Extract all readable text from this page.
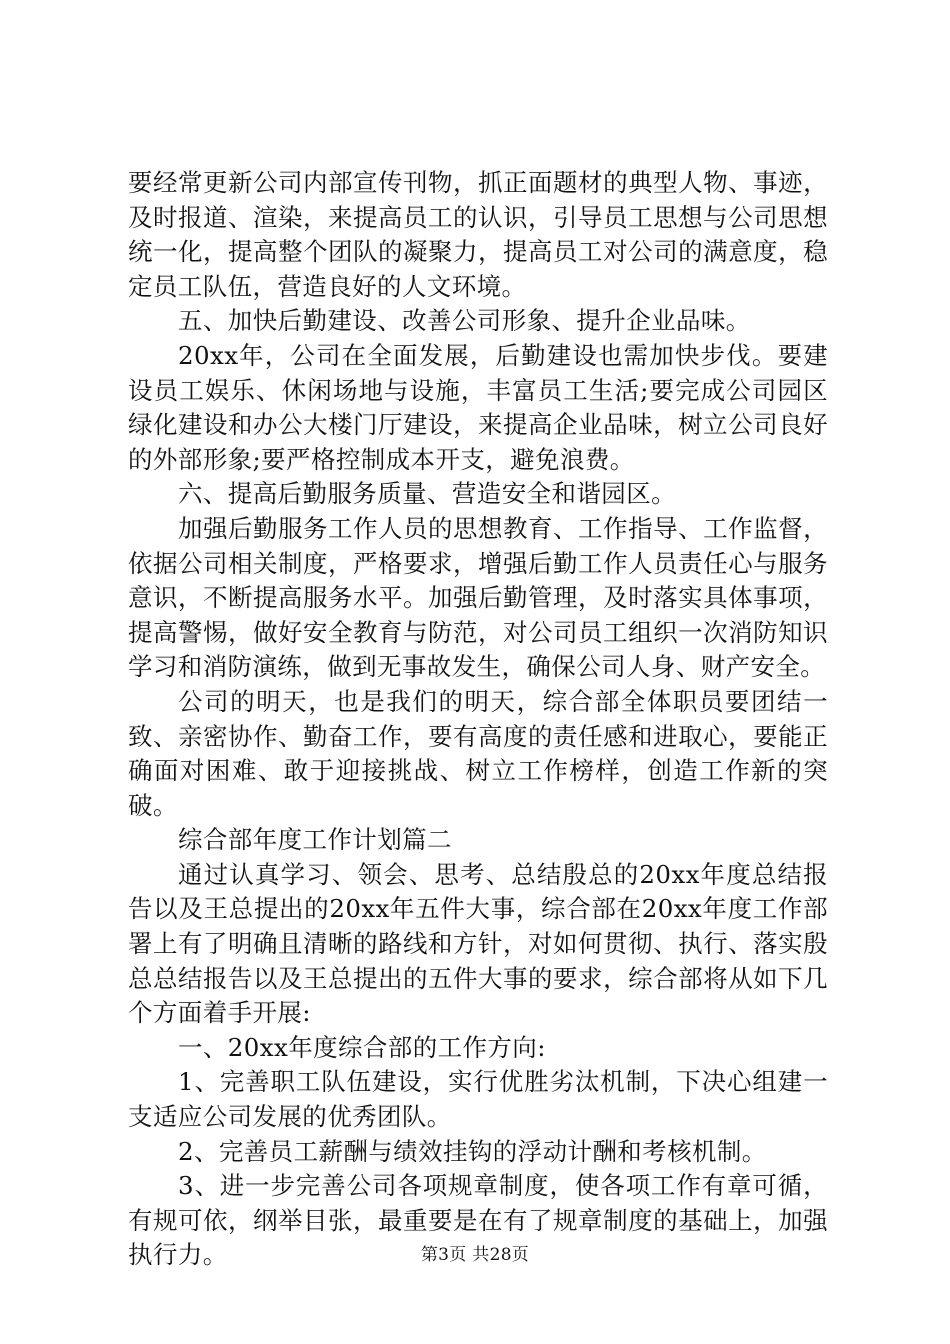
要经常更新公司内部宣传刊物，抓正面题材的典型人物、事迹，及时报道、渲染，来提高员工的认识，引导员工思想与公司思想统一化，提高整个团队的凝聚力，提高员工对公司的满意度，稳定员工队伍，营造良好的人文环境。

五、加快后勤建设、改善公司形象、提升企业品味。

20xx年，公司在全面发展，后勤建设也需加快步伐。要建设员工娱乐、休闲场地与设施，丰富员工生活;要完成公司园区绿化建设和办公大楼门厅建设，来提高企业品味，树立公司良好的外部形象;要严格控制成本开支，避免浪费。

六、提高后勤服务质量、营造安全和谐园区。

加强后勤服务工作人员的思想教育、工作指导、工作监督，依据公司相关制度，严格要求，增强后勤工作人员责任心与服务意识，不断提高服务水平。加强后勤管理，及时落实具体事项，提高警惕，做好安全教育与防范，对公司员工组织一次消防知识学习和消防演练，做到无事故发生，确保公司人身、财产安全。

公司的明天，也是我们的明天，综合部全体职员要团结一致、亲密协作、勤奋工作，要有高度的责任感和进取心，要能正确面对困难、敢于迎接挑战、树立工作榜样，创造工作新的突破。

综合部年度工作计划篇二

通过认真学习、领会、思考、总结殷总的20xx年度总结报告以及王总提出的20xx年五件大事，综合部在20xx年度工作部署上有了明确且清晰的路线和方针，对如何贯彻、执行、落实殷总总结报告以及王总提出的五件大事的要求，综合部将从如下几个方面着手开展:

一、20xx年度综合部的工作方向:

1、完善职工队伍建设，实行优胜劣汰机制，下决心组建一支适应公司发展的优秀团队。

2、完善员工薪酬与绩效挂钩的浮动计酬和考核机制。

3、进一步完善公司各项规章制度，使各项工作有章可循，有规可依，纲举目张，最重要是在有了规章制度的基础上，加强执行力。	第3页 共28页
